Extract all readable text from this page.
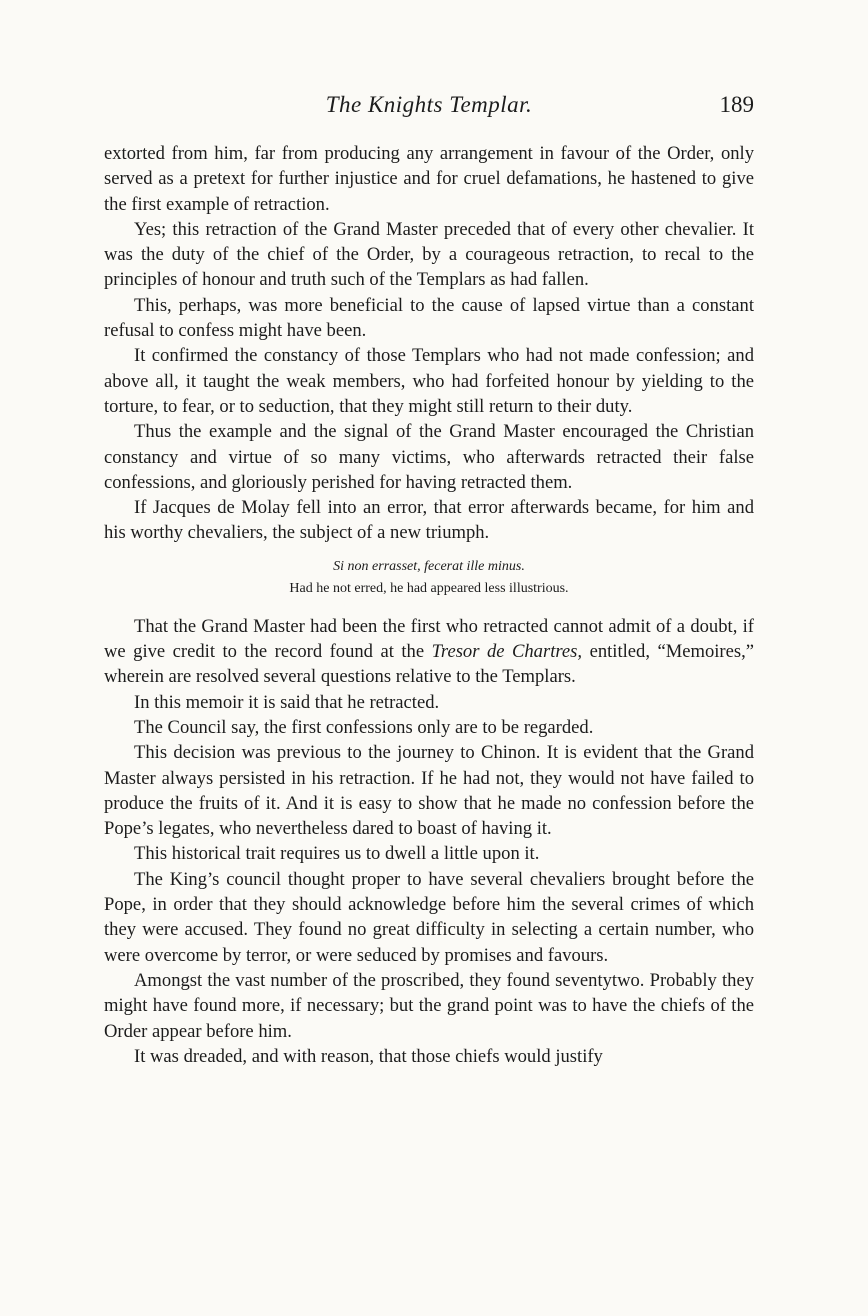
The Knights Templar.	189

extorted from him, far from producing any arrangement in favour of the Order, only served as a pretext for further injustice and for cruel defamations, he hastened to give the first example of retraction.

Yes; this retraction of the Grand Master preceded that of every other chevalier. It was the duty of the chief of the Order, by a courageous retraction, to recal to the principles of honour and truth such of the Templars as had fallen.

This, perhaps, was more beneficial to the cause of lapsed virtue than a constant refusal to confess might have been.

It confirmed the constancy of those Templars who had not made confession; and above all, it taught the weak members, who had forfeited honour by yielding to the torture, to fear, or to seduction, that they might still return to their duty.

Thus the example and the signal of the Grand Master encouraged the Christian constancy and virtue of so many victims, who afterwards retracted their false confessions, and gloriously perished for having retracted them.

If Jacques de Molay fell into an error, that error afterwards became, for him and his worthy chevaliers, the subject of a new triumph.

Si non errasset, fecerat ille minus.
Had he not erred, he had appeared less illustrious.

That the Grand Master had been the first who retracted cannot admit of a doubt, if we give credit to the record found at the Tresor de Chartres, entitled, “Memoires,” wherein are resolved several questions relative to the Templars.

In this memoir it is said that he retracted.

The Council say, the first confessions only are to be regarded.

This decision was previous to the journey to Chinon. It is evident that the Grand Master always persisted in his retraction. If he had not, they would not have failed to produce the fruits of it. And it is easy to show that he made no confession before the Pope’s legates, who nevertheless dared to boast of having it.

This historical trait requires us to dwell a little upon it.

The King’s council thought proper to have several chevaliers brought before the Pope, in order that they should acknowledge before him the several crimes of which they were accused. They found no great difficulty in selecting a certain number, who were overcome by terror, or were seduced by promises and favours.

Amongst the vast number of the proscribed, they found seventytwo. Probably they might have found more, if necessary; but the grand point was to have the chiefs of the Order appear before him.

It was dreaded, and with reason, that those chiefs would justify
